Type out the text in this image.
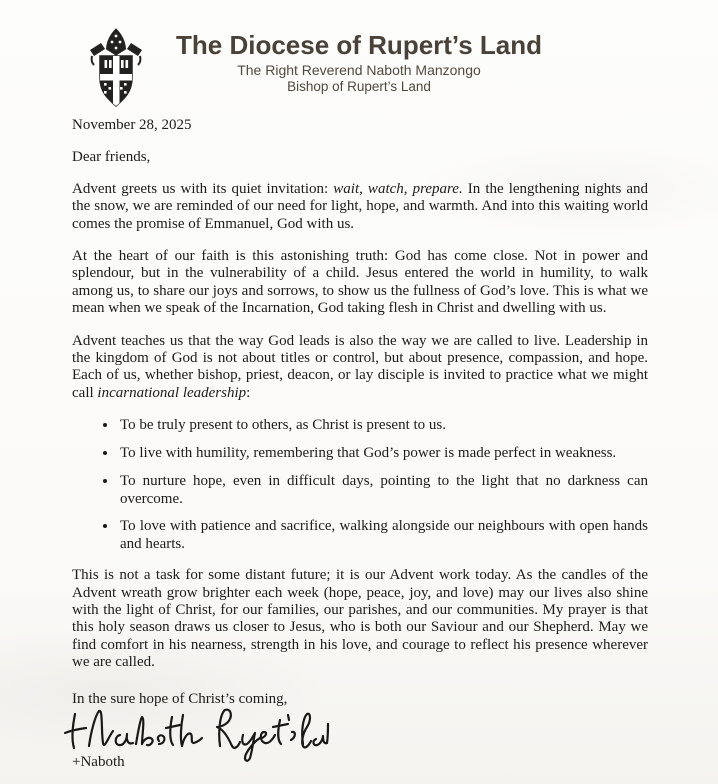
The Diocese of Rupert’s Land
The Right Reverend Naboth Manzongo
Bishop of Rupert’s Land
November 28, 2025
Dear friends,

Advent greets us with its quiet invitation: wait, watch, prepare. In the lengthening nights and the snow, we are reminded of our need for light, hope, and warmth. And into this waiting world comes the promise of Emmanuel, God with us.

At the heart of our faith is this astonishing truth: God has come close. Not in power and splendour, but in the vulnerability of a child. Jesus entered the world in humility, to walk among us, to share our joys and sorrows, to show us the fullness of God’s love. This is what we mean when we speak of the Incarnation, God taking flesh in Christ and dwelling with us.

Advent teaches us that the way God leads is also the way we are called to live. Leadership in the kingdom of God is not about titles or control, but about presence, compassion, and hope. Each of us, whether bishop, priest, deacon, or lay disciple is invited to practice what we might call incarnational leadership:

• To be truly present to others, as Christ is present to us.
• To live with humility, remembering that God’s power is made perfect in weakness.
• To nurture hope, even in difficult days, pointing to the light that no darkness can overcome.
• To love with patience and sacrifice, walking alongside our neighbours with open hands and hearts.

This is not a task for some distant future; it is our Advent work today. As the candles of the Advent wreath grow brighter each week (hope, peace, joy, and love) may our lives also shine with the light of Christ, for our families, our parishes, and our communities. My prayer is that this holy season draws us closer to Jesus, who is both our Saviour and our Shepherd. May we find comfort in his nearness, strength in his love, and courage to reflect his presence wherever we are called.

In the sure hope of Christ’s coming,
+Naboth
